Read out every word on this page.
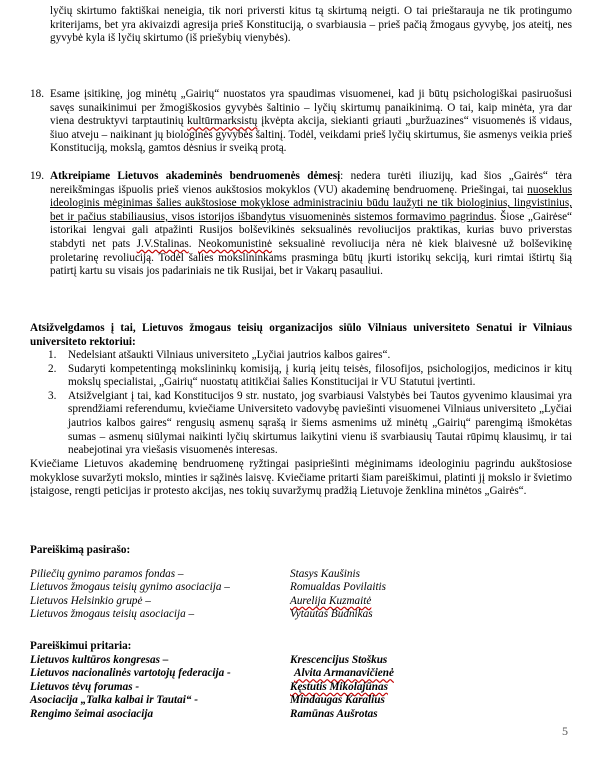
lyčių skirtumo faktiškai neneigia, tik nori priversti kitus tą skirtumą neigti. O tai prieštarauja ne tik protingumo kriterijams, bet yra akivaizdi agresija prieš Konstituciją, o svarbiausia – prieš pačią žmogaus gyvybę, jos ateitį, nes gyvybė kyla iš lyčių skirtumo (iš priešybių vienybės).

18. Esame įsitikinę, jog minėtų „Gairių“ nuostatos yra spaudimas visuomenei, kad ji būtų psichologiškai pasiruošusi savęs sunaikinimui per žmogiškosios gyvybės šaltinio – lyčių skirtumų panaikinimą. O tai, kaip minėta, yra dar viena destruktyvi tarptautinių kultūrmarksistų įkvėpta akcija, siekianti griauti „buržuazines“ visuomenės iš vidaus, šiuo atveju – naikinant jų biologinės gyvybės šaltinį. Todėl, veikdami prieš lyčių skirtumus, šie asmenys veikia prieš Konstituciją, mokslą, gamtos dėsnius ir sveiką protą.

19. Atkreipiame Lietuvos akademinės bendruomenės dėmesį: nedera turėti iliuzijų, kad šios „Gairės“ tėra nereikšmingas išpuolis prieš vienos aukštosios mokyklos (VU) akademinę bendruomenę. Priešingai, tai nuoseklus ideologinis mėginimas šalies aukštosiose mokyklose administraciniu būdu laužyti ne tik biologinius, lingvistinius, bet ir pačius stabiliausius, visos istorijos išbandytus visuomeninės sistemos formavimo pagrindus. Šiose „Gairėse“ istorikai lengvai gali atpažinti Rusijos bolševikinės seksualinės revoliucijos praktikas, kurias buvo priverstas stabdyti net pats J.V.Stalinas. Neokomunistinė seksualinė revoliucija nėra nė kiek blaivesnė už bolševikinę proletarinę revoliuciją. Todėl šalies mokslininkams prasminga būtų įkurti istorikų sekciją, kuri rimtai ištirtų šią patirtį kartu su visais jos padariniais ne tik Rusijai, bet ir Vakarų pasauliui.

Atsižvelgdamos į tai, Lietuvos žmogaus teisių organizacijos siūlo Vilniaus universiteto Senatui ir Vilniaus universiteto rektoriui:

1. Nedelsiant atšaukti Vilniaus universiteto „Lyčiai jautrios kalbos gaires“.
2. Sudaryti kompetentingą mokslininkų komisiją, į kurią įeitų teisės, filosofijos, psichologijos, medicinos ir kitų mokslų specialistai, „Gairių“ nuostatų atitikčiai šalies Konstitucijai ir VU Statutui įvertinti.
3. Atsižvelgiant į tai, kad Konstitucijos 9 str. nustato, jog svarbiausi Valstybės bei Tautos gyvenimo klausimai yra sprendžiami referendumu, kviečiame Universiteto vadovybę paviešinti visuomenei Vilniaus universiteto „Lyčiai jautrios kalbos gaires“ rengusių asmenų sąrašą ir šiems asmenims už minėtų „Gairių“ parengimą išmokėtas sumas – asmenų siūlymai naikinti lyčių skirtumus laikytini vienu iš svarbiausių Tautai rūpimų klausimų, ir tai neabejotinai yra viešasis visuomenės interesas.

Kviečiame Lietuvos akademinę bendruomenę ryžtingai pasipriešinti mėginimams ideologiniu pagrindu aukštosiose mokyklose suvaržyti mokslo, minties ir sąžinės laisvę. Kviečiame pritarti šiam pareiškimui, platinti jį mokslo ir švietimo įstaigose, rengti peticijas ir protesto akcijas, nes tokių suvaržymų pradžią Lietuvoje ženklina minėtos „Gairės“.

Pareiškimą pasirašo:
Piliečių gynimo paramos fondas –	Stasys Kaušinis
Lietuvos žmogaus teisių gynimo asociacija –	Romualdas Povilaitis
Lietuvos Helsinkio grupė –	Aurelija Kuzmaitė
Lietuvos žmogaus teisių asociacija –	Vytautas Budnikas
Pareiškimui pritaria:
Lietuvos kultūros kongresas –	Krescencijus Stoškus
Lietuvos nacionalinės vartotojų federacija -	Alvita Armanavičienė
Lietuvos tėvų forumas -	Kęstutis Mikolajūnas
Asociacija „Talka kalbai ir Tautai“ -	Mindaugas Karalius
Rengimo šeimai asociacija	Ramūnas Aušrotas
5
